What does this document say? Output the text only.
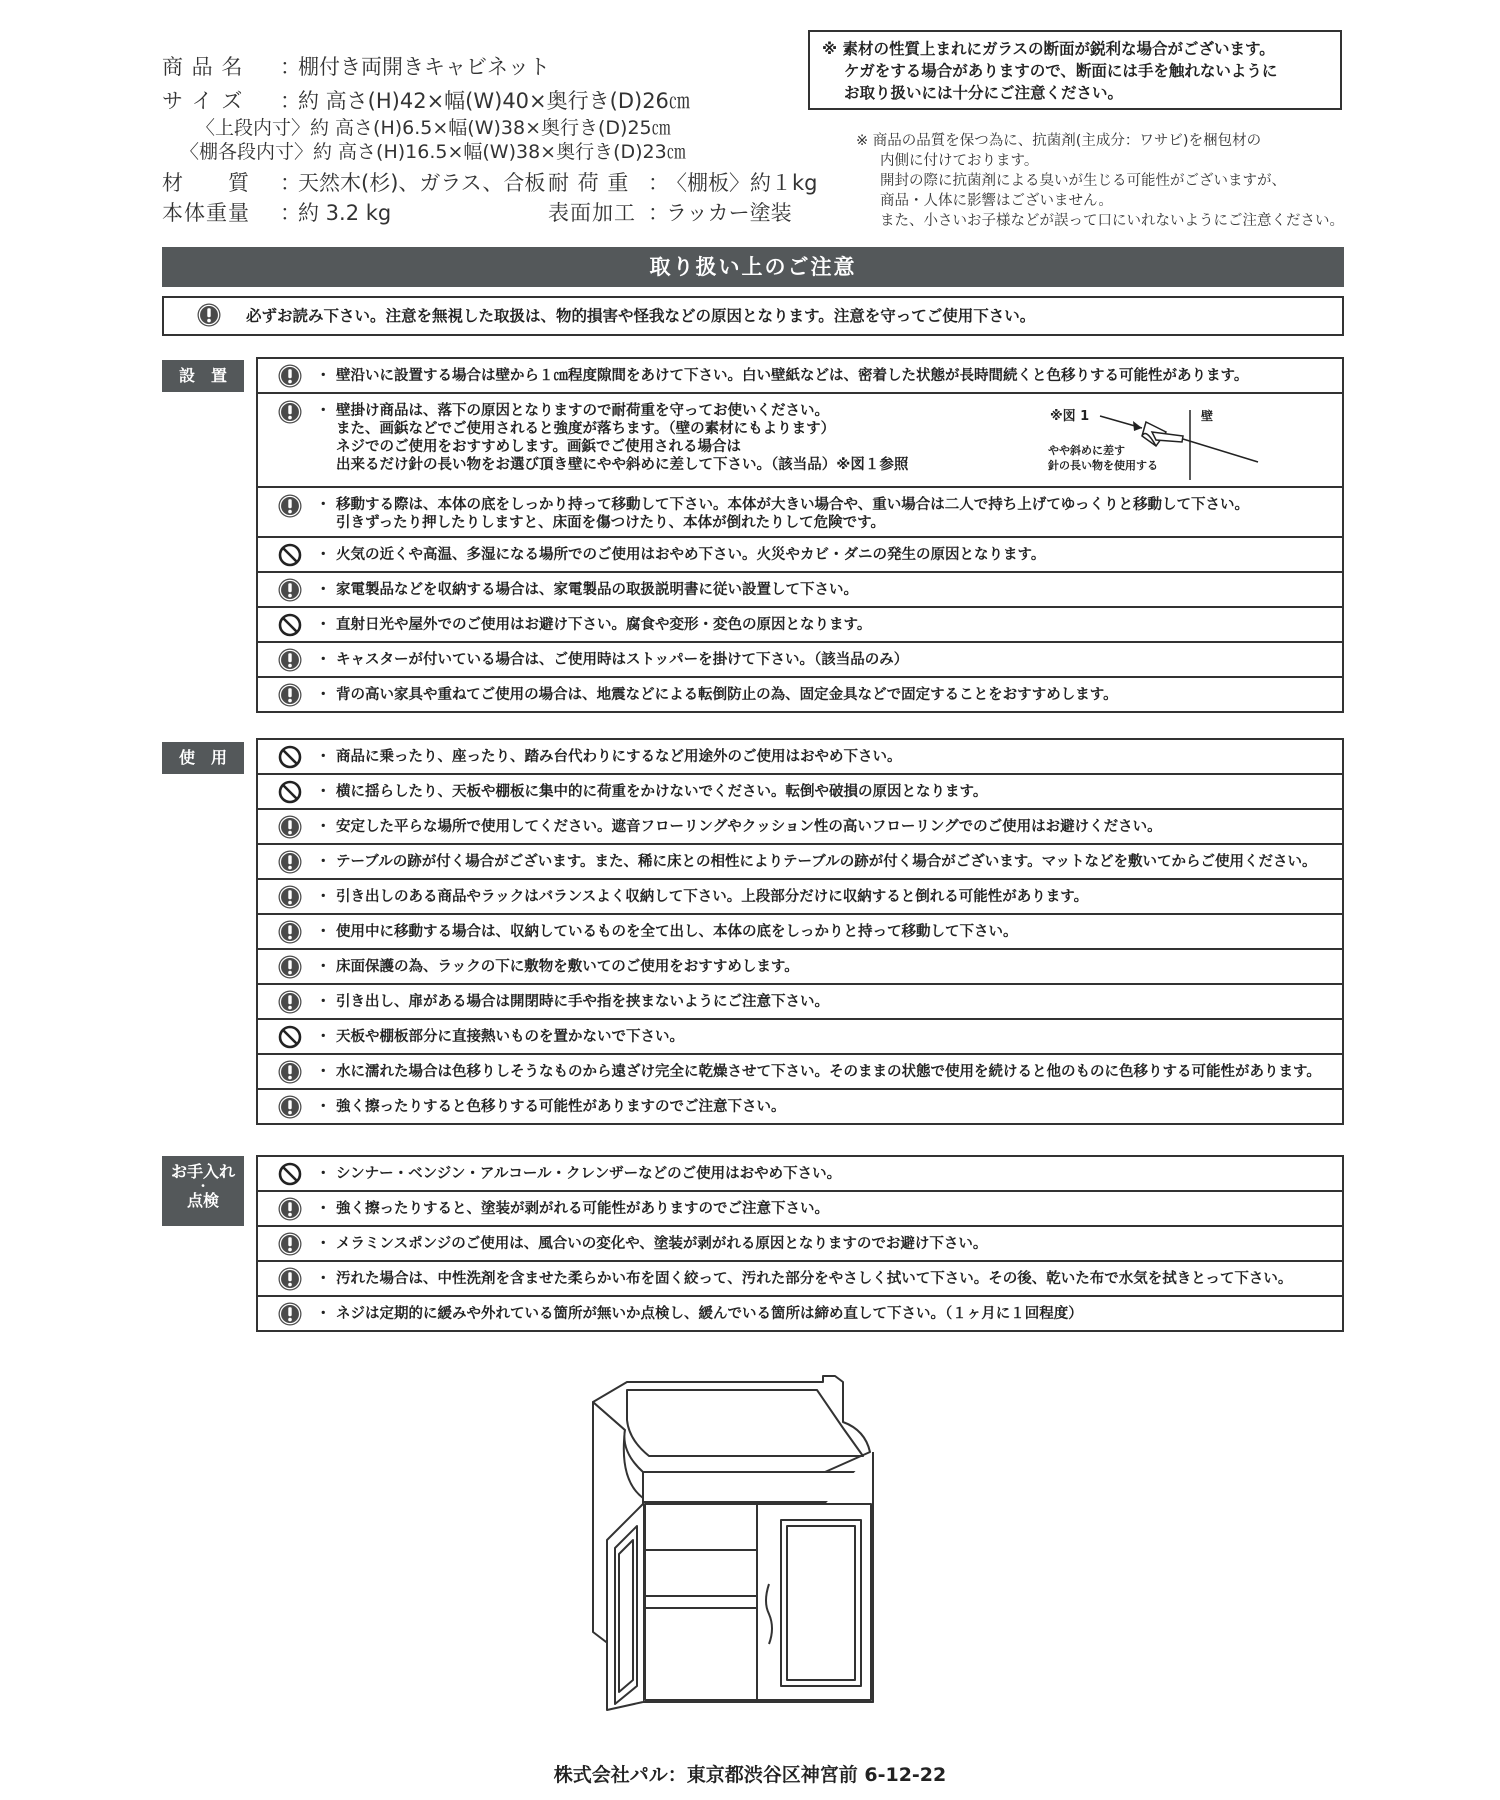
商 品 名 ：棚付き両開きキャビネット
サ イ ズ ：約 高さ(H)42×幅(W)40×奥行き(D)26㎝
〈上段内寸〉約 高さ(H)6.5×幅(W)38×奥行き(D)25㎝
〈棚各段内寸〉約 高さ(H)16.5×幅(W)38×奥行き(D)23㎝
材　　質 ：天然木(杉)、ガラス、合板 耐 荷 重 ：〈棚板〉約１kg
本体重量 ：約 3.2 kg	表面加工 ：ラッカー塗装
※ 素材の性質上まれにガラスの断面が鋭利な場合がございます。
ケガをする場合がありますので、断面には手を触れないように
お取り扱いには十分にご注意ください。
※ 商品の品質を保つ為に、抗菌剤(主成分：ワサビ)を梱包材の
内側に付けております。
開封の際に抗菌剤による臭いが生じる可能性がございますが、
商品・人体に影響はございません。
また、小さいお子様などが誤って口にいれないようにご注意ください。
取り扱い上のご注意
必ずお読み下さい。注意を無視した取扱は、物的損害や怪我などの原因となります。注意を守ってご使用下さい。
設　置	・ 壁沿いに設置する場合は壁から１㎝程度隙間をあけて下さい。白い壁紙などは、密着した状態が長時間続くと色移りする可能性があります。
・ 壁掛け商品は、落下の原因となりますので耐荷重を守ってお使いください。
また、画鋲などでご使用されると強度が落ちます。（壁の素材にもよります）
ネジでのご使用をおすすめします。画鋲でご使用される場合は
出来るだけ針の長い物をお選び頂き壁にやや斜めに差して下さい。（該当品）※図１参照
※図 1	壁
やや斜めに差す
針の長い物を使用する
・ 移動する際は、本体の底をしっかり持って移動して下さい。本体が大きい場合や、重い場合は二人で持ち上げてゆっくりと移動して下さい。
引きずったり押したりしますと、床面を傷つけたり、本体が倒れたりして危険です。
・ 火気の近くや高温、多湿になる場所でのご使用はおやめ下さい。火災やカビ・ダニの発生の原因となります。
・ 家電製品などを収納する場合は、家電製品の取扱説明書に従い設置して下さい。
・ 直射日光や屋外でのご使用はお避け下さい。腐食や変形・変色の原因となります。
・ キャスターが付いている場合は、ご使用時はストッパーを掛けて下さい。（該当品のみ）
・ 背の高い家具や重ねてご使用の場合は、地震などによる転倒防止の為、固定金具などで固定することをおすすめします。
使　用	・ 商品に乗ったり、座ったり、踏み台代わりにするなど用途外のご使用はおやめ下さい。
・ 横に揺らしたり、天板や棚板に集中的に荷重をかけないでください。転倒や破損の原因となります。
・ 安定した平らな場所で使用してください。遮音フローリングやクッション性の高いフローリングでのご使用はお避けください。
・ テーブルの跡が付く場合がございます。また、稀に床との相性によりテーブルの跡が付く場合がございます。マットなどを敷いてからご使用ください。
・ 引き出しのある商品やラックはバランスよく収納して下さい。上段部分だけに収納すると倒れる可能性があります。
・ 使用中に移動する場合は、収納しているものを全て出し、本体の底をしっかりと持って移動して下さい。
・ 床面保護の為、ラックの下に敷物を敷いてのご使用をおすすめします。
・ 引き出し、扉がある場合は開閉時に手や指を挟まないようにご注意下さい。
・ 天板や棚板部分に直接熱いものを置かないで下さい。
・ 水に濡れた場合は色移りしそうなものから遠ざけ完全に乾燥させて下さい。そのままの状態で使用を続けると他のものに色移りする可能性があります。
・ 強く擦ったりすると色移りする可能性がありますのでご注意下さい。
お手入れ
・
点検
・ シンナー・ベンジン・アルコール・クレンザーなどのご使用はおやめ下さい。
・ 強く擦ったりすると、塗装が剥がれる可能性がありますのでご注意下さい。
・ メラミンスポンジのご使用は、風合いの変化や、塗装が剥がれる原因となりますのでお避け下さい。
・ 汚れた場合は、中性洗剤を含ませた柔らかい布を固く絞って、汚れた部分をやさしく拭いて下さい。その後、乾いた布で水気を拭きとって下さい。
・ ネジは定期的に緩みや外れている箇所が無いか点検し、緩んでいる箇所は締め直して下さい。（１ヶ月に１回程度）
株式会社パル：東京都渋谷区神宮前 6-12-22
